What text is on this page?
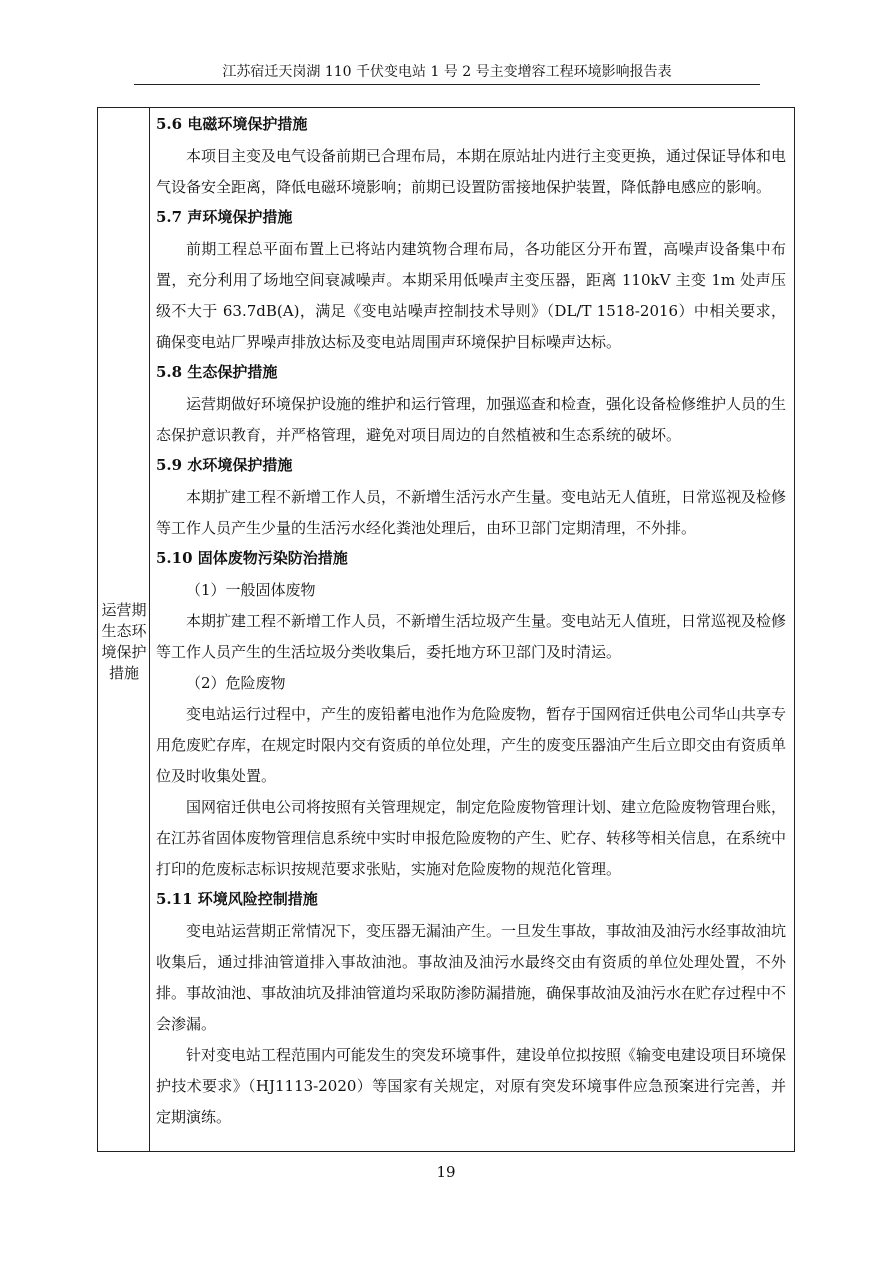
江苏宿迁天岗湖 110 千伏变电站 1 号 2 号主变增容工程环境影响报告表
运营期生态环境保护措施
5.6 电磁环境保护措施

本项目主变及电气设备前期已合理布局，本期在原站址内进行主变更换，通过保证导体和电气设备安全距离，降低电磁环境影响；前期已设置防雷接地保护装置，降低静电感应的影响。

5.7 声环境保护措施

前期工程总平面布置上已将站内建筑物合理布局，各功能区分开布置，高噪声设备集中布置，充分利用了场地空间衰减噪声。本期采用低噪声主变压器，距离 110kV 主变 1m 处声压级不大于 63.7dB(A)，满足《变电站噪声控制技术导则》（DL/T 1518-2016）中相关要求，确保变电站厂界噪声排放达标及变电站周围声环境保护目标噪声达标。

5.8 生态保护措施

运营期做好环境保护设施的维护和运行管理，加强巡查和检查，强化设备检修维护人员的生态保护意识教育，并严格管理，避免对项目周边的自然植被和生态系统的破坏。

5.9 水环境保护措施

本期扩建工程不新增工作人员，不新增生活污水产生量。变电站无人值班，日常巡视及检修等工作人员产生少量的生活污水经化粪池处理后，由环卫部门定期清理，不外排。

5.10 固体废物污染防治措施

（1）一般固体废物

本期扩建工程不新增工作人员，不新增生活垃圾产生量。变电站无人值班，日常巡视及检修等工作人员产生的生活垃圾分类收集后，委托地方环卫部门及时清运。

（2）危险废物

变电站运行过程中，产生的废铅蓄电池作为危险废物，暂存于国网宿迁供电公司华山共享专用危废贮存库，在规定时限内交有资质的单位处理，产生的废变压器油产生后立即交由有资质单位及时收集处置。

国网宿迁供电公司将按照有关管理规定，制定危险废物管理计划、建立危险废物管理台账，在江苏省固体废物管理信息系统中实时申报危险废物的产生、贮存、转移等相关信息，在系统中打印的危废标志标识按规范要求张贴，实施对危险废物的规范化管理。

5.11 环境风险控制措施

变电站运营期正常情况下，变压器无漏油产生。一旦发生事故，事故油及油污水经事故油坑收集后，通过排油管道排入事故油池。事故油及油污水最终交由有资质的单位处理处置，不外排。事故油池、事故油坑及排油管道均采取防渗防漏措施，确保事故油及油污水在贮存过程中不会渗漏。

针对变电站工程范围内可能发生的突发环境事件，建设单位拟按照《输变电建设项目环境保护技术要求》（HJ1113-2020）等国家有关规定，对原有突发环境事件应急预案进行完善，并定期演练。

19
